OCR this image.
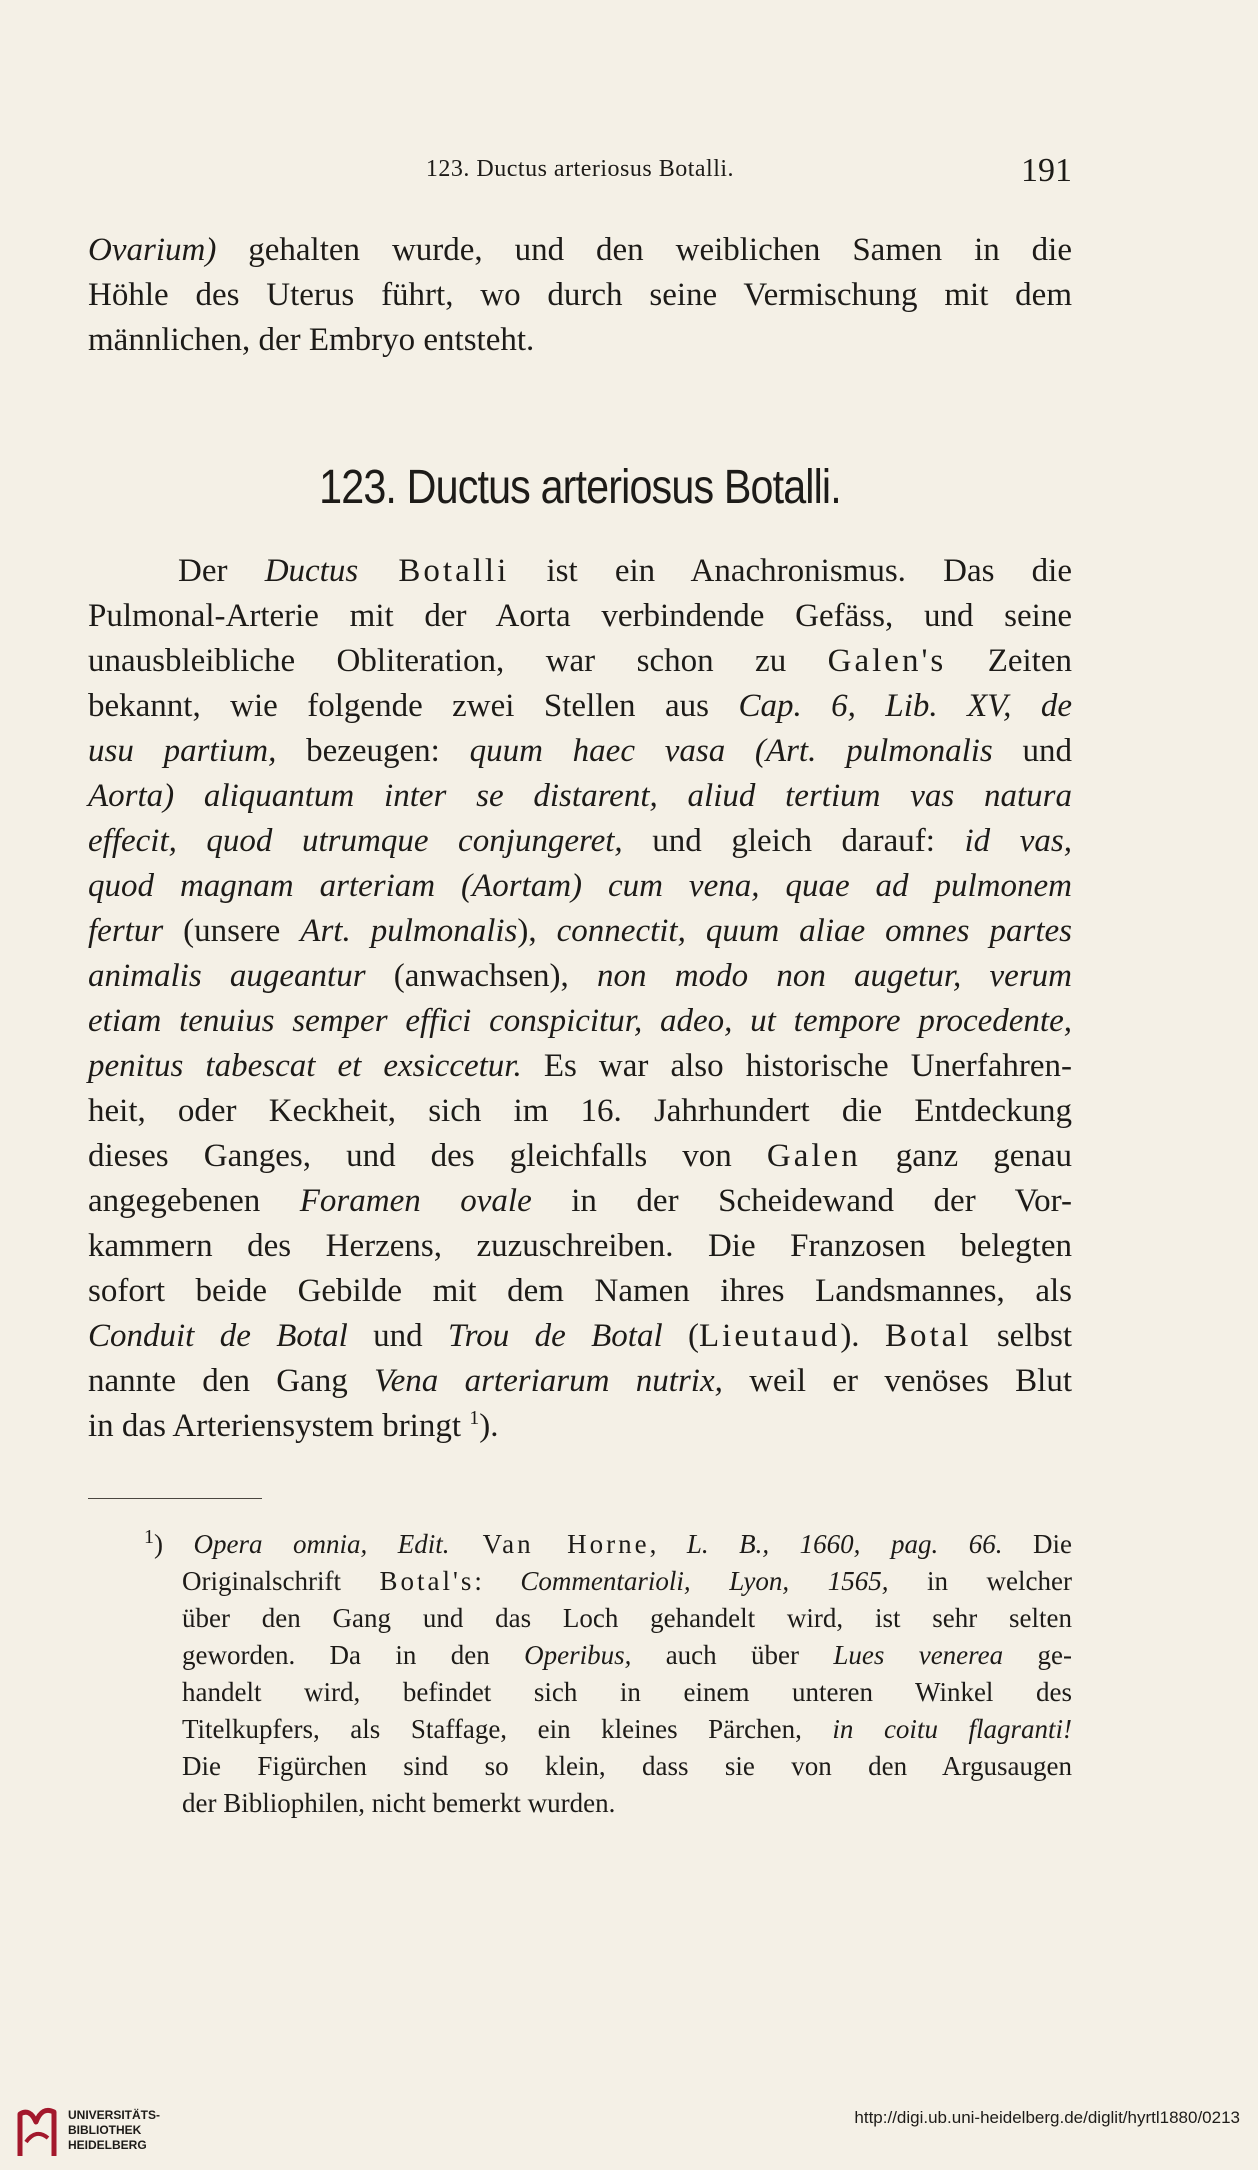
123. Ductus arteriosus Botalli.	191
Ovarium) gehalten wurde, und den weiblichen Samen in die
Höhle des Uterus führt, wo durch seine Vermischung mit dem
männlichen, der Embryo entsteht.
123. Ductus arteriosus Botalli.
Der Ductus Botalli ist ein Anachronismus. Das die
Pulmonal-Arterie mit der Aorta verbindende Gefäss, und seine
unausbleibliche Obliteration, war schon zu Galen's Zeiten
bekannt, wie folgende zwei Stellen aus Cap. 6, Lib. XV, de
usu partium, bezeugen: quum haec vasa (Art. pulmonalis und
Aorta) aliquantum inter se distarent, aliud tertium vas natura
effecit, quod utrumque conjungeret, und gleich darauf: id vas,
quod magnam arteriam (Aortam) cum vena, quae ad pulmonem
fertur (unsere Art. pulmonalis), connectit, quum aliae omnes partes
animalis augeantur (anwachsen), non modo non augetur, verum
etiam tenuius semper effici conspicitur, adeo, ut tempore procedente,
penitus tabescat et exsiccetur. Es war also historische Unerfahren-
heit, oder Keckheit, sich im 16. Jahrhundert die Entdeckung
dieses Ganges, und des gleichfalls von Galen ganz genau
angegebenen Foramen ovale in der Scheidewand der Vor-
kammern des Herzens, zuzuschreiben. Die Franzosen belegten
sofort beide Gebilde mit dem Namen ihres Landsmannes, als
Conduit de Botal und Trou de Botal (Lieutaud). Botal selbst
nannte den Gang Vena arteriarum nutrix, weil er venöses Blut
in das Arteriensystem bringt $^1$).
$^1$) Opera omnia, Edit. Van Horne, L. B., 1660, pag. 66. Die
Originalschrift Botal's: Commentarioli, Lyon, 1565, in welcher
über den Gang und das Loch gehandelt wird, ist sehr selten
geworden. Da in den Operibus, auch über Lues venerea ge-
handelt wird, befindet sich in einem unteren Winkel des
Titelkupfers, als Staffage, ein kleines Pärchen, in coitu flagranti!
Die Figürchen sind so klein, dass sie von den Argusaugen
der Bibliophilen, nicht bemerkt wurden.
UNIVERSITÄTS-
BIBLIOTHEK
HEIDELBERG
http://digi.ub.uni-heidelberg.de/diglit/hyrtl1880/0213
